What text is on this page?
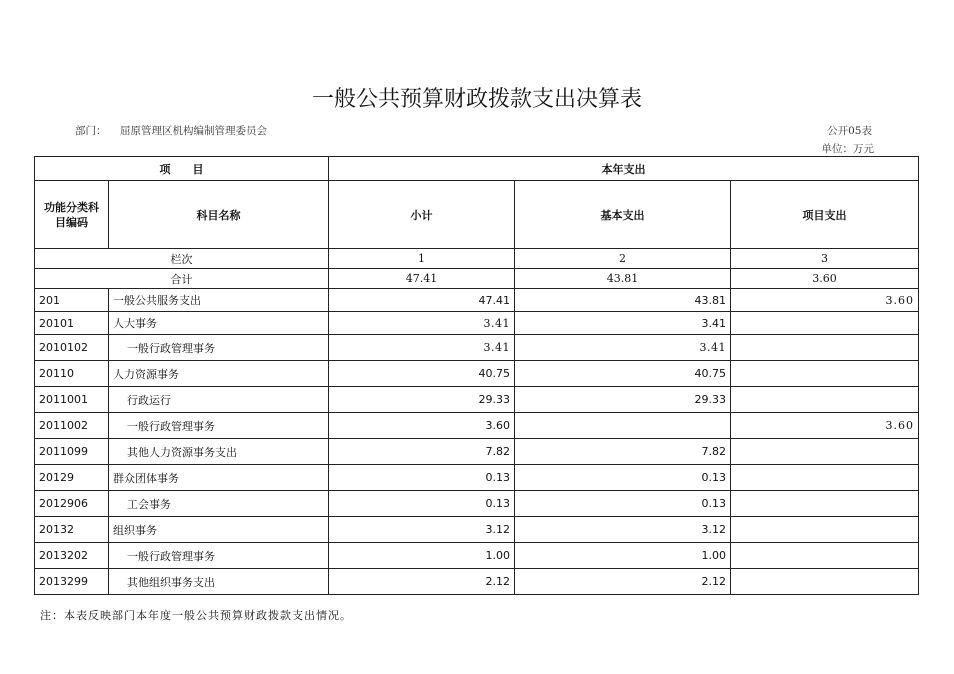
一般公共预算财政拨款支出决算表
部门： 屈原管理区机构编制管理委员会	公开05表
单位：万元
项　　目		本年支出		
功能分类科目编码	科目名称	小计	基本支出	项目支出
栏次		1	2	3
合计		47.41	43.81	3.60
201	一般公共服务支出	47.41	43.81	3.60
20101	人大事务	3.41	3.41	
2010102	一般行政管理事务	3.41	3.41	
20110	人力资源事务	40.75	40.75	
2011001	行政运行	29.33	29.33	
2011002	一般行政管理事务	3.60		3.60
2011099	其他人力资源事务支出	7.82	7.82	
20129	群众团体事务	0.13	0.13	
2012906	工会事务	0.13	0.13	
20132	组织事务	3.12	3.12	
2013202	一般行政管理事务	1.00	1.00	
2013299	其他组织事务支出	2.12	2.12	
注：本表反映部门本年度一般公共预算财政拨款支出情况。
